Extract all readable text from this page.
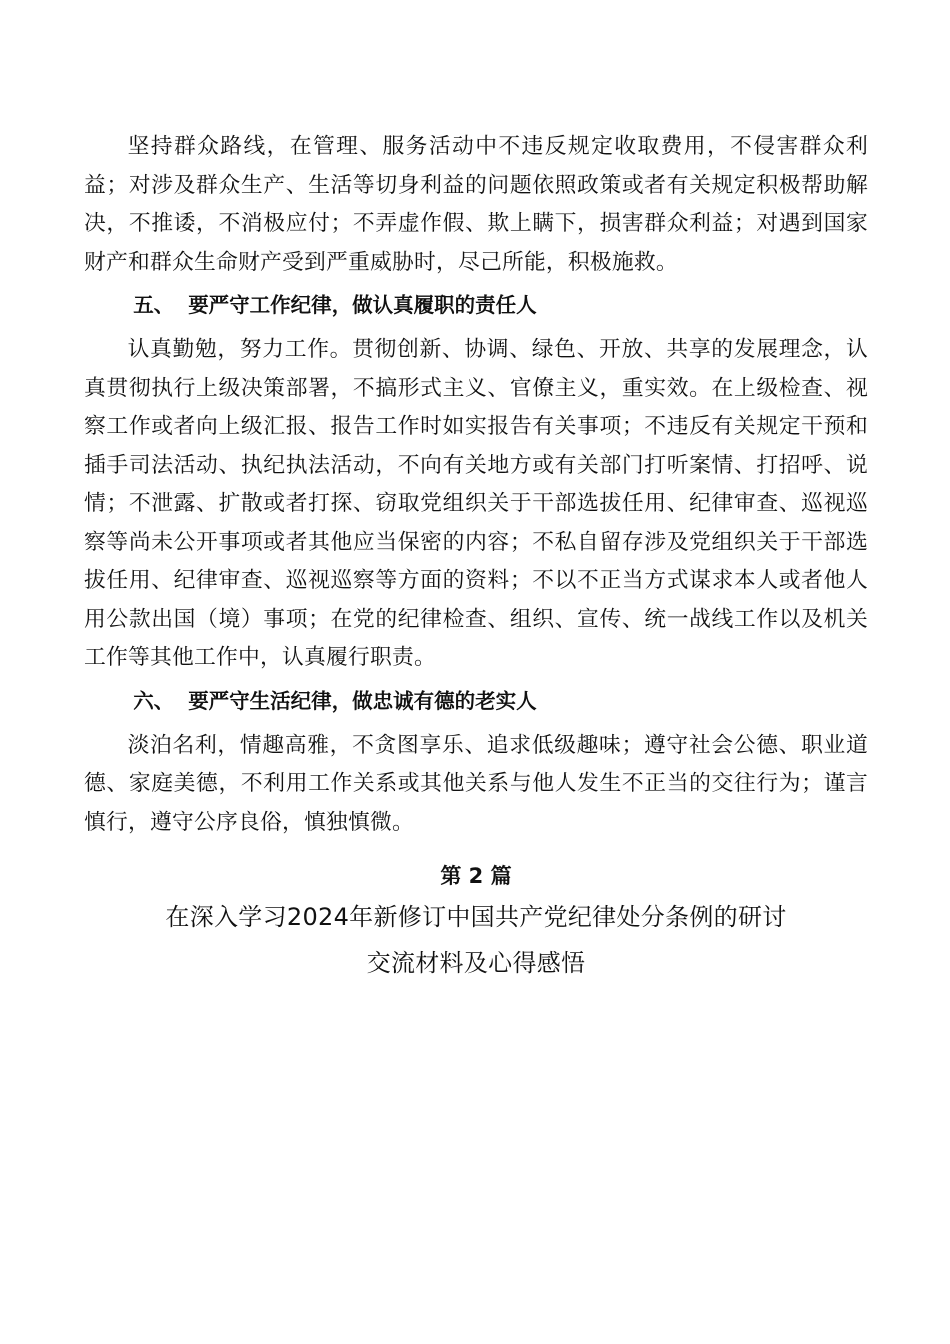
坚持群众路线，在管理、服务活动中不违反规定收取费用，不侵害群众利益；对涉及群众生产、生活等切身利益的问题依照政策或者有关规定积极帮助解决，不推诿，不消极应付；不弄虚作假、欺上瞒下，损害群众利益；对遇到国家财产和群众生命财产受到严重威胁时，尽己所能，积极施救。

五、 要严守工作纪律，做认真履职的责任人

认真勤勉，努力工作。贯彻创新、协调、绿色、开放、共享的发展理念，认真贯彻执行上级决策部署，不搞形式主义、官僚主义，重实效。在上级检查、视察工作或者向上级汇报、报告工作时如实报告有关事项；不违反有关规定干预和插手司法活动、执纪执法活动，不向有关地方或有关部门打听案情、打招呼、说情；不泄露、扩散或者打探、窃取党组织关于干部选拔任用、纪律审查、巡视巡察等尚未公开事项或者其他应当保密的内容；不私自留存涉及党组织关于干部选拔任用、纪律审查、巡视巡察等方面的资料；不以不正当方式谋求本人或者他人用公款出国（境）事项；在党的纪律检查、组织、宣传、统一战线工作以及机关工作等其他工作中，认真履行职责。

六、 要严守生活纪律，做忠诚有德的老实人

淡泊名利，情趣高雅，不贪图享乐、追求低级趣味；遵守社会公德、职业道德、家庭美德，不利用工作关系或其他关系与他人发生不正当的交往行为；谨言慎行，遵守公序良俗，慎独慎微。

第 2 篇

在深入学习2024年新修订中国共产党纪律处分条例的研讨
交流材料及心得感悟
